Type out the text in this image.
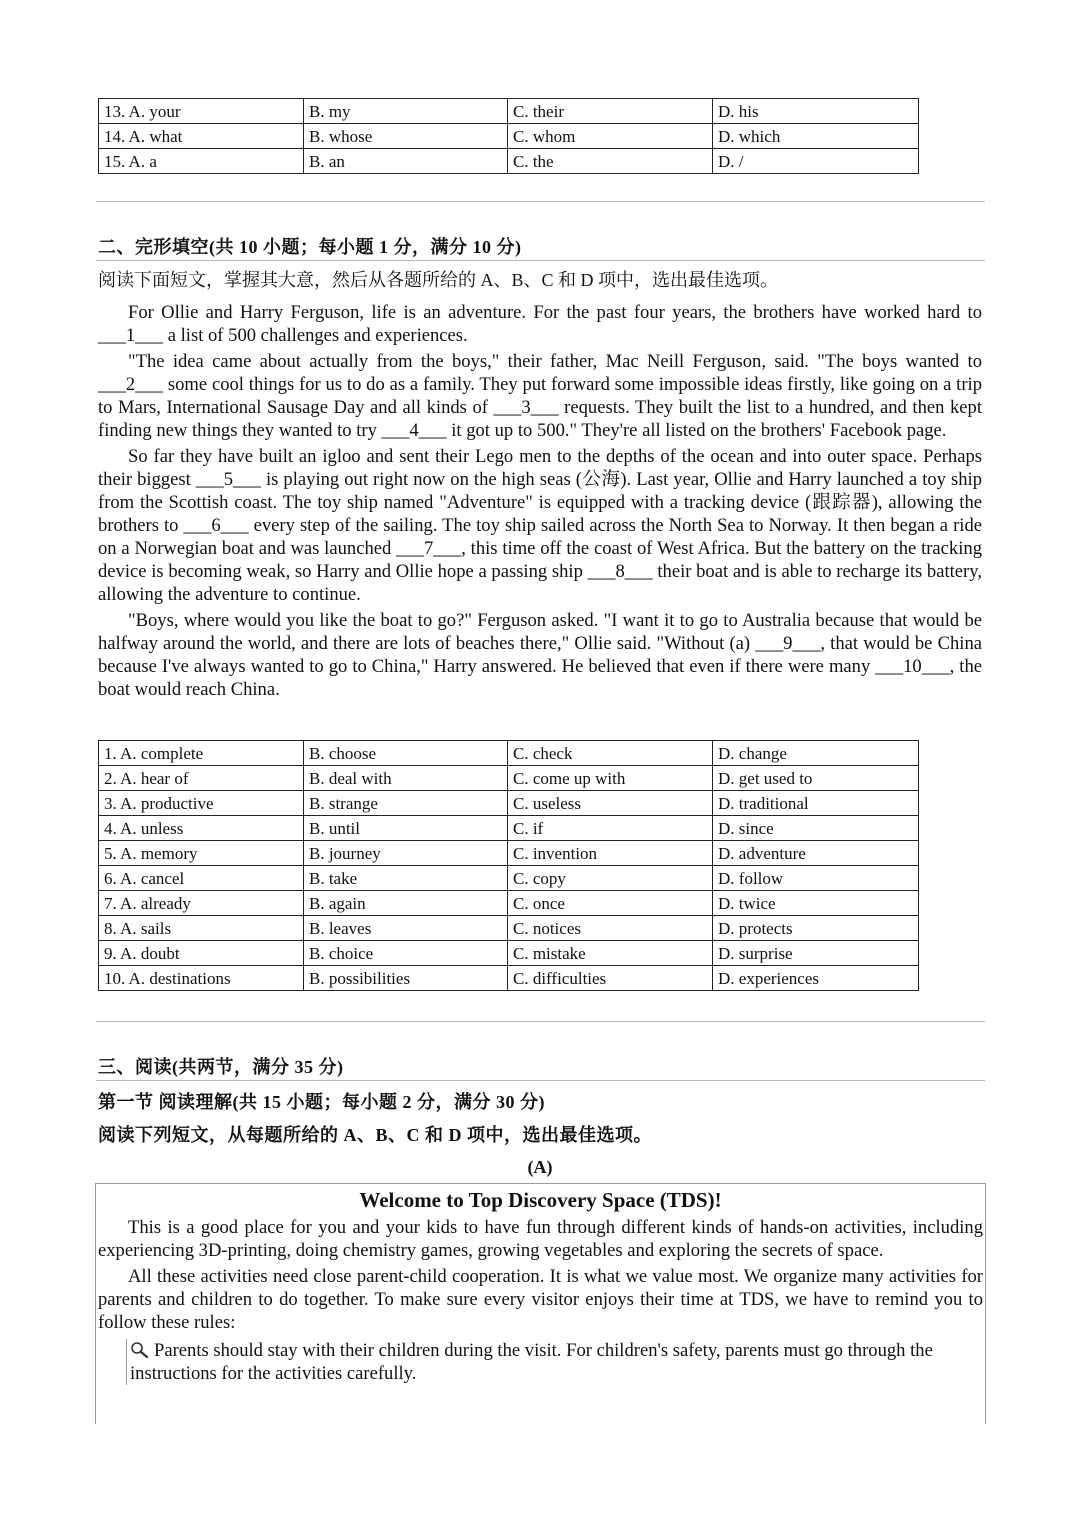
13. A. your	B. my	C. their	D. his
14. A. what	B. whose	C. whom	D. which
15. A. a	B. an	C. the	D. /
二、完形填空(共 10 小题；每小题 1 分，满分 10 分)
阅读下面短文，掌握其大意，然后从各题所给的 A、B、C 和 D 项中，选出最佳选项。

For Ollie and Harry Ferguson, life is an adventure. For the past four years, the brothers have worked hard to ___1___ a list of 500 challenges and experiences.

"The idea came about actually from the boys," their father, Mac Neill Ferguson, said. "The boys wanted to ___2___ some cool things for us to do as a family. They put forward some impossible ideas firstly, like going on a trip to Mars, International Sausage Day and all kinds of ___3___ requests. They built the list to a hundred, and then kept finding new things they wanted to try ___4___ it got up to 500." They're all listed on the brothers' Facebook page.

So far they have built an igloo and sent their Lego men to the depths of the ocean and into outer space. Perhaps their biggest ___5___ is playing out right now on the high seas (公海). Last year, Ollie and Harry launched a toy ship from the Scottish coast. The toy ship named "Adventure" is equipped with a tracking device (跟踪器), allowing the brothers to ___6___ every step of the sailing. The toy ship sailed across the North Sea to Norway. It then began a ride on a Norwegian boat and was launched ___7___, this time off the coast of West Africa. But the battery on the tracking device is becoming weak, so Harry and Ollie hope a passing ship ___8___ their boat and is able to recharge its battery, allowing the adventure to continue.

"Boys, where would you like the boat to go?" Ferguson asked. "I want it to go to Australia because that would be halfway around the world, and there are lots of beaches there," Ollie said. "Without (a) ___9___, that would be China because I've always wanted to go to China," Harry answered. He believed that even if there were many ___10___, the boat would reach China.

1. A. complete	B. choose	C. check	D. change
2. A. hear of	B. deal with	C. come up with	D. get used to
3. A. productive	B. strange	C. useless	D. traditional
4. A. unless	B. until	C. if	D. since
5. A. memory	B. journey	C. invention	D. adventure
6. A. cancel	B. take	C. copy	D. follow
7. A. already	B. again	C. once	D. twice
8. A. sails	B. leaves	C. notices	D. protects
9. A. doubt	B. choice	C. mistake	D. surprise
10. A. destinations	B. possibilities	C. difficulties	D. experiences
三、阅读(共两节，满分 35 分)
第一节 阅读理解(共 15 小题；每小题 2 分，满分 30 分)
阅读下列短文，从每题所给的 A、B、C 和 D 项中，选出最佳选项。
(A)
Welcome to Top Discovery Space (TDS)!

This is a good place for you and your kids to have fun through different kinds of hands-on activities, including experiencing 3D-printing, doing chemistry games, growing vegetables and exploring the secrets of space.

All these activities need close parent-child cooperation. It is what we value most. We organize many activities for parents and children to do together. To make sure every visitor enjoys their time at TDS, we have to remind you to follow these rules:

Parents should stay with their children during the visit. For children's safety, parents must go through the instructions for the activities carefully.
